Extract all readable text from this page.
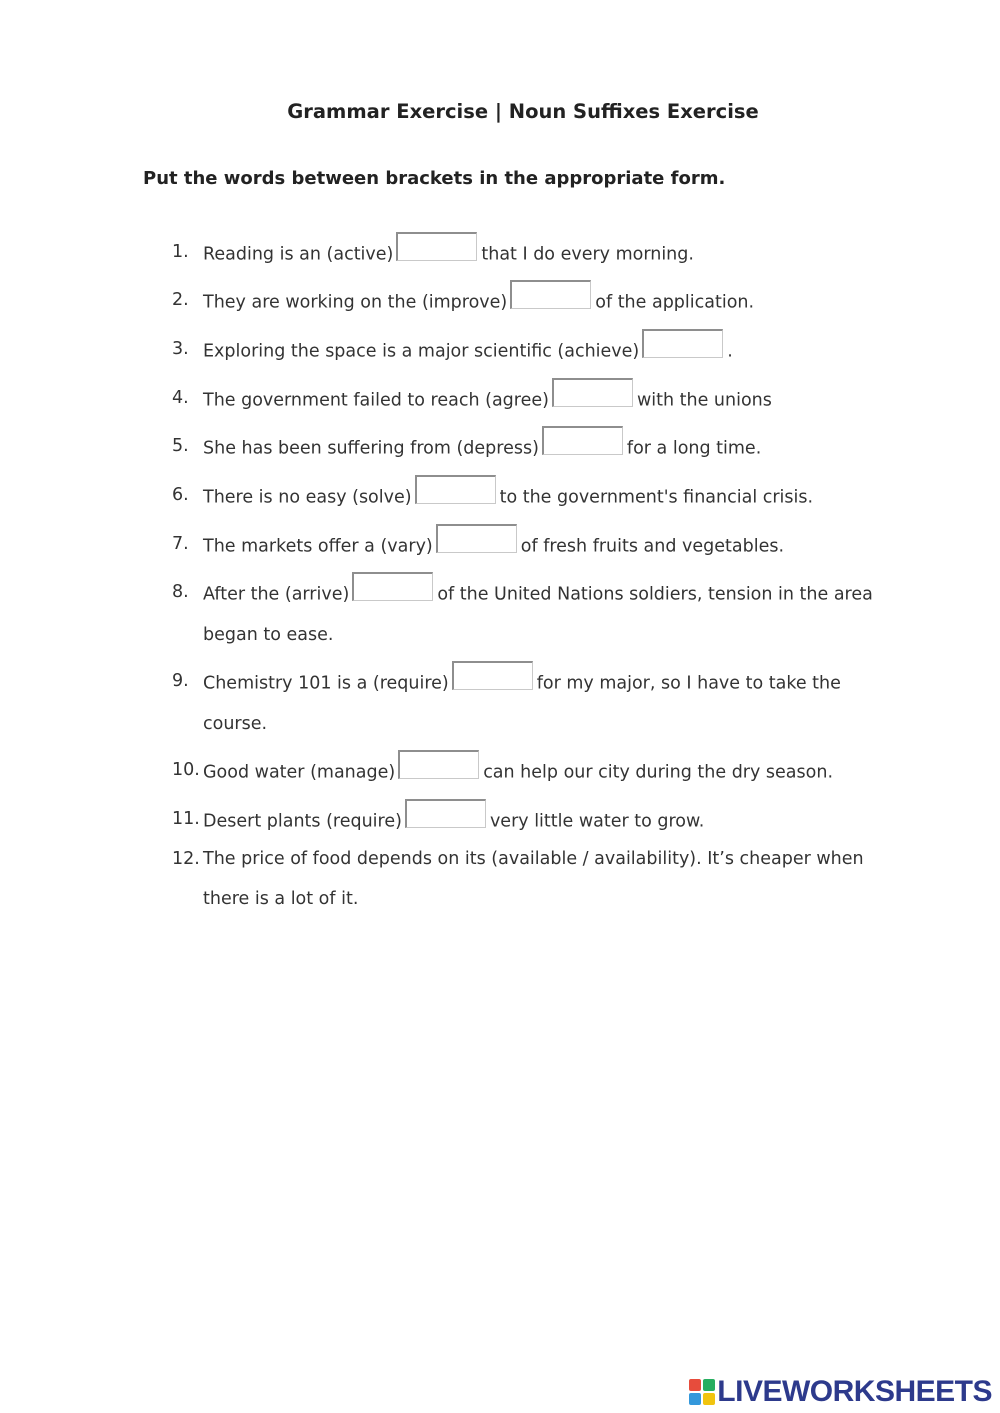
Grammar Exercise | Noun Suffixes Exercise
Put the words between brackets in the appropriate form.
1. Reading is an (active)	that I do every morning.
2. They are working on the (improve)	of the application.
3. Exploring the space is a major scientific (achieve)	.
4. The government failed to reach (agree)	with the unions
5. She has been suffering from (depress)	for a long time.
6. There is no easy (solve)	to the government's financial crisis.
7. The markets offer a (vary)	of fresh fruits and vegetables.
8. After the (arrive)	of the United Nations soldiers, tension in the area began to ease.
9. Chemistry 101 is a (require)	for my major, so I have to take the course.
10. Good water (manage)	can help our city during the dry season.
11. Desert plants (require)	very little water to grow.
12. The price of food depends on its (available / availability). It’s cheaper when there is a lot of it.
LIVEWORKSHEETS
